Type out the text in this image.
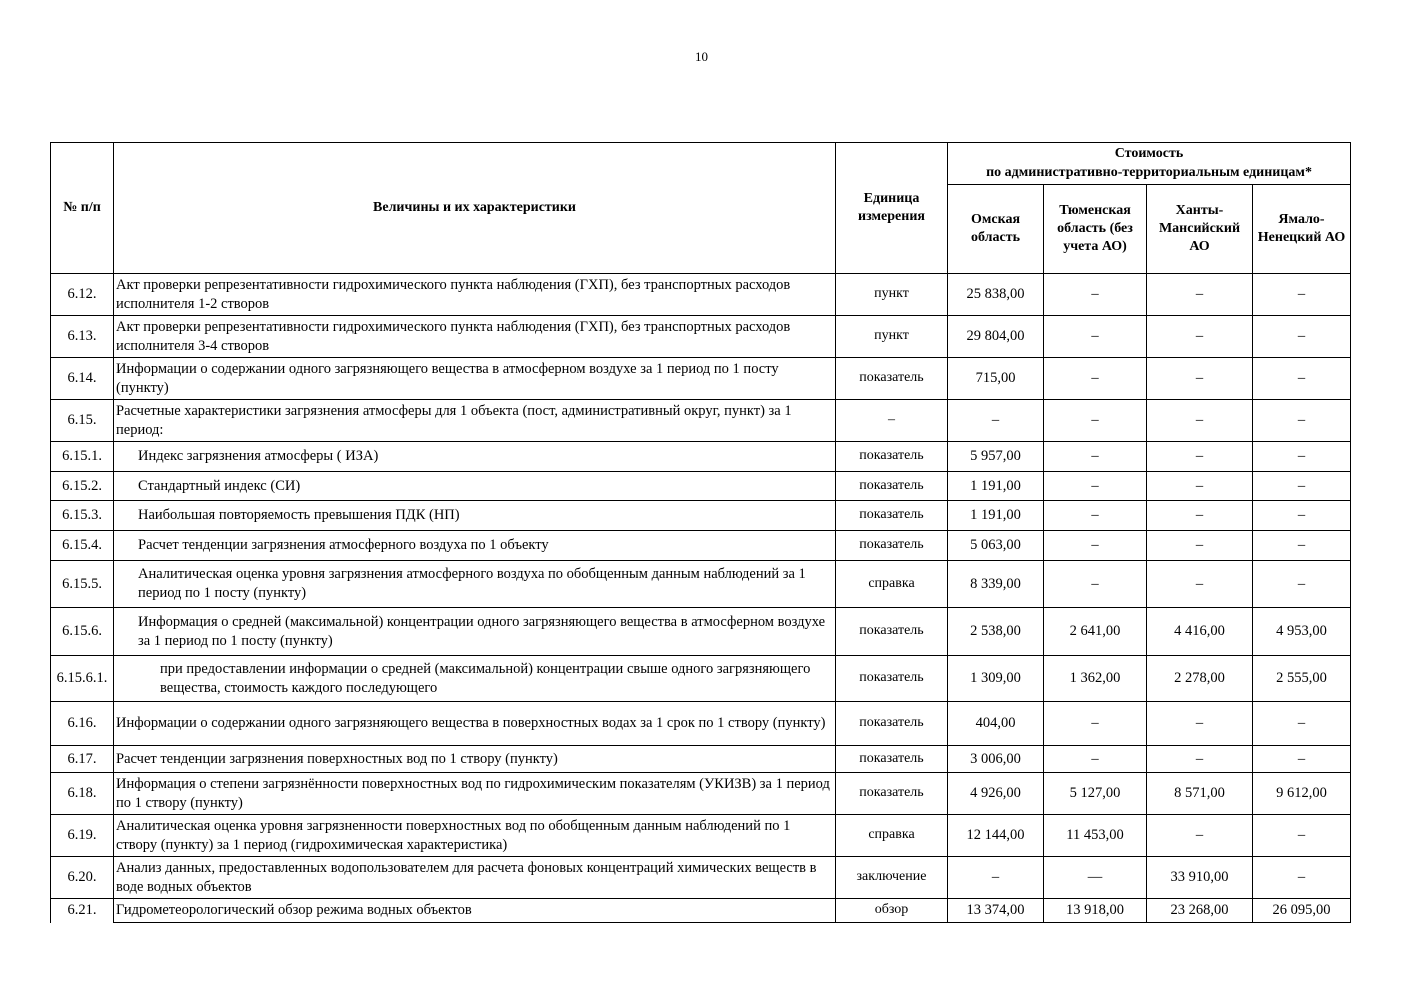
10
№ п/п	Величины и их характеристики	Единица измерения	Стоимость
по административно-территориальным единицам*			

			Омская область	Тюменская область (без учета АО)	Ханты-Мансийский АО	Ямало-Ненецкий АО
6.12.	Акт проверки репрезентативности гидрохимического пункта наблюдения (ГХП), без транспортных расходов исполнителя 1-2 створов	пункт	25 838,00	–	–	–
6.13.	Акт проверки репрезентативности гидрохимического пункта наблюдения (ГХП), без транспортных расходов исполнителя 3-4 створов	пункт	29 804,00	–	–	–
6.14.	Информации о содержании одного загрязняющего вещества в атмосферном воздухе за 1 период по 1 посту (пункту)	показатель	715,00	–	–	–
6.15.	Расчетные характеристики загрязнения атмосферы для 1 объекта (пост, административный округ, пункт) за 1 период:	–	–	–	–	–
6.15.1.	Индекс загрязнения атмосферы ( ИЗА)	показатель	5 957,00	–	–	–
6.15.2.	Стандартный индекс (СИ)	показатель	1 191,00	–	–	–
6.15.3.	Наибольшая повторяемость превышения ПДК (НП)	показатель	1 191,00	–	–	–
6.15.4.	Расчет тенденции загрязнения атмосферного воздуха по 1 объекту	показатель	5 063,00	–	–	–
6.15.5.	Аналитическая оценка уровня загрязнения атмосферного воздуха по обобщенным данным наблюдений за 1 период по 1 посту (пункту)	справка	8 339,00	–	–	–
6.15.6.	Информация о средней (максимальной) концентрации одного загрязняющего вещества в атмосферном воздухе за 1 период по 1 посту (пункту)	показатель	2 538,00	2 641,00	4 416,00	4 953,00
6.15.6.1.	при предоставлении информации о средней (максимальной) концентрации свыше одного загрязняющего вещества, стоимость каждого последующего	показатель	1 309,00	1 362,00	2 278,00	2 555,00
6.16.	Информации о содержании одного загрязняющего вещества в поверхностных водах за 1 срок по 1 створу (пункту)	показатель	404,00	–	–	–
6.17.	Расчет тенденции загрязнения поверхностных вод по 1 створу (пункту)	показатель	3 006,00	–	–	–
6.18.	Информация о степени загрязнённости поверхностных вод по гидрохимическим показателям (УКИЗВ) за 1 период по 1 створу (пункту)	показатель	4 926,00	5 127,00	8 571,00	9 612,00
6.19.	Аналитическая оценка уровня загрязненности поверхностных вод по обобщенным данным наблюдений по 1 створу (пункту) за 1 период (гидрохимическая характеристика)	справка	12 144,00	11 453,00	–	–
6.20.	Анализ данных, предоставленных водопользователем для расчета фоновых концентраций химических веществ в воде водных объектов	заключение	–	—	33 910,00	–
6.21.	Гидрометеорологический обзор режима водных объектов	обзор	13 374,00	13 918,00	23 268,00	26 095,00
